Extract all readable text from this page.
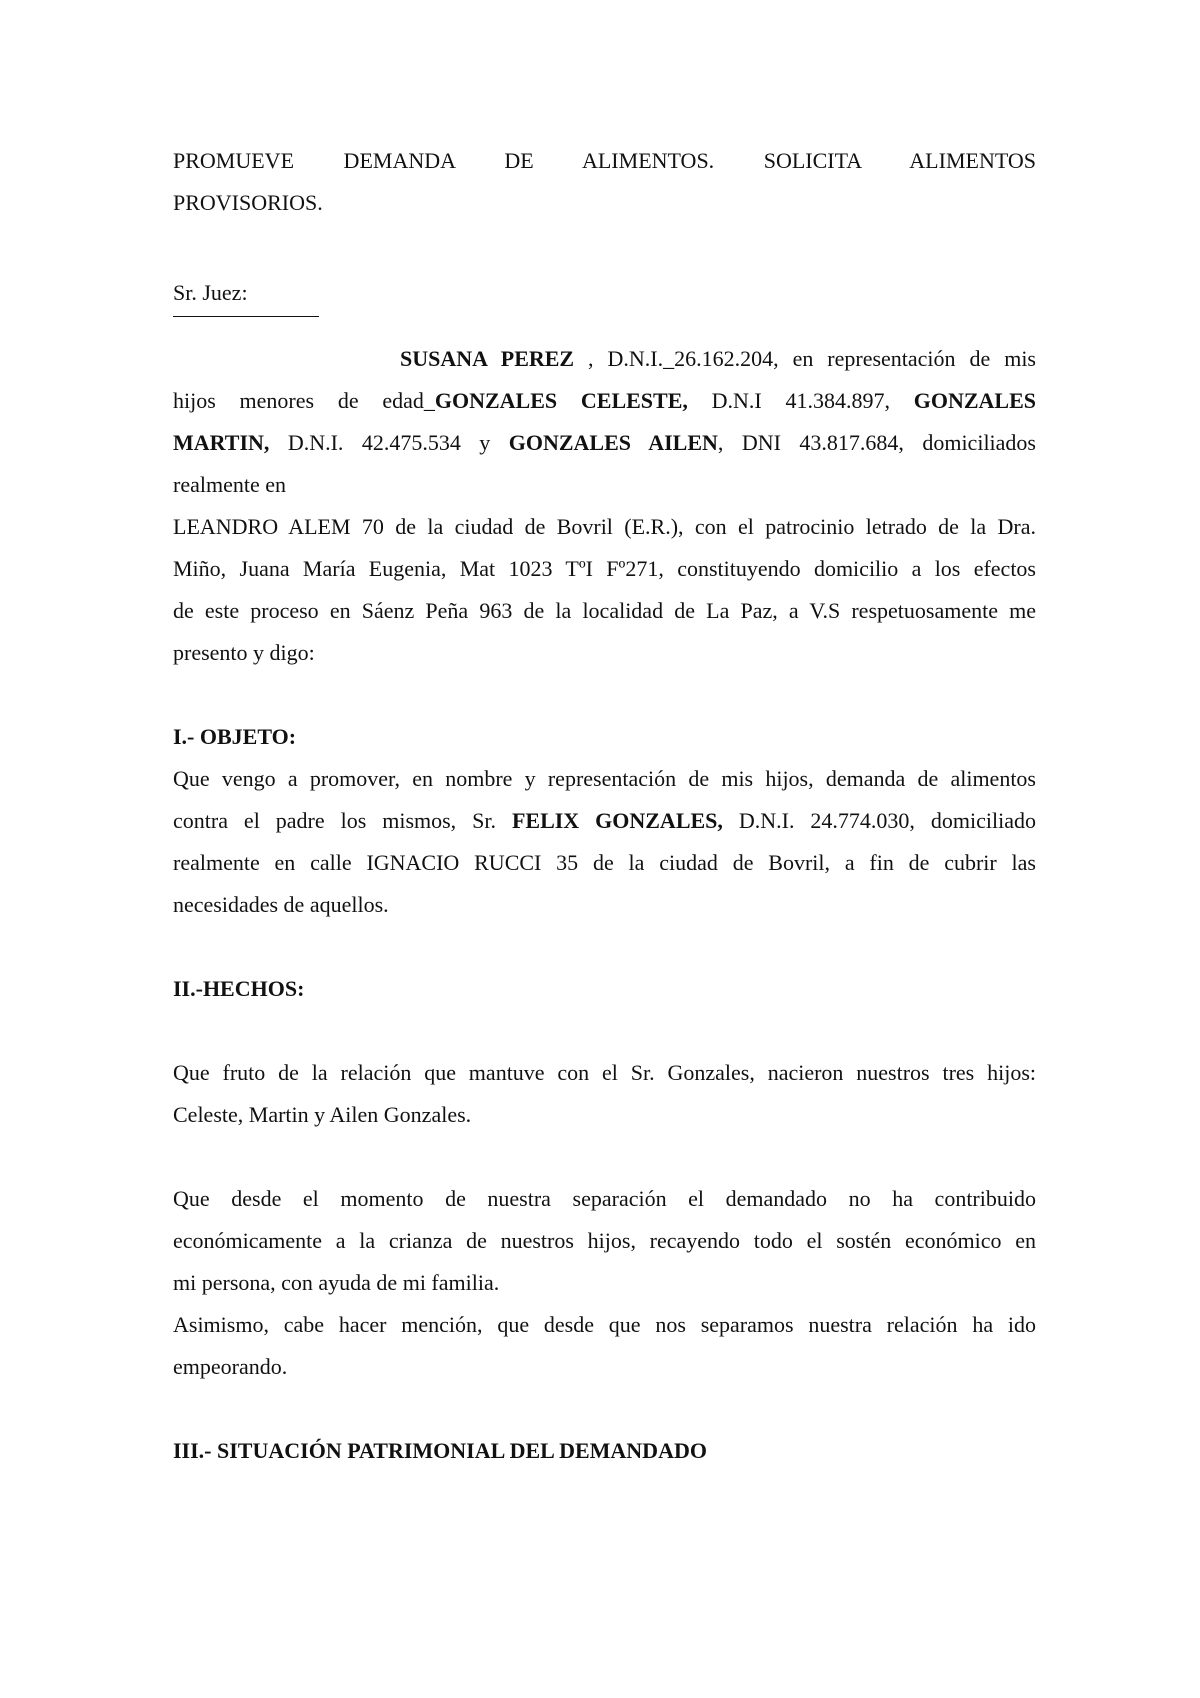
PROMUEVE DEMANDA DE ALIMENTOS. SOLICITA ALIMENTOS
PROVISORIOS.
Sr. Juez:
SUSANA PEREZ , D.N.I._26.162.204, en representación de mis
hijos menores de edad_GONZALES CELESTE, D.N.I 41.384.897, GONZALES
MARTIN, D.N.I. 42.475.534 y GONZALES AILEN, DNI 43.817.684, domiciliados
realmente en
LEANDRO ALEM 70 de la ciudad de Bovril (E.R.), con el patrocinio letrado de la Dra.
Miño, Juana María Eugenia, Mat 1023 TºI Fº271, constituyendo domicilio a los efectos
de este proceso en Sáenz Peña 963 de la localidad de La Paz, a V.S respetuosamente me
presento y digo:
I.- OBJETO:
Que vengo a promover, en nombre y representación de mis hijos, demanda de alimentos
contra el padre los mismos, Sr. FELIX GONZALES, D.N.I. 24.774.030, domiciliado
realmente en calle IGNACIO RUCCI 35 de la ciudad de Bovril, a fin de cubrir las
necesidades de aquellos.
II.-HECHOS:
Que fruto de la relación que mantuve con el Sr. Gonzales, nacieron nuestros tres hijos:
Celeste, Martin y Ailen Gonzales.
Que desde el momento de nuestra separación el demandado no ha contribuido
económicamente a la crianza de nuestros hijos, recayendo todo el sostén económico en
mi persona, con ayuda de mi familia.
Asimismo, cabe hacer mención, que desde que nos separamos nuestra relación ha ido
empeorando.
III.- SITUACIÓN PATRIMONIAL DEL DEMANDADO
